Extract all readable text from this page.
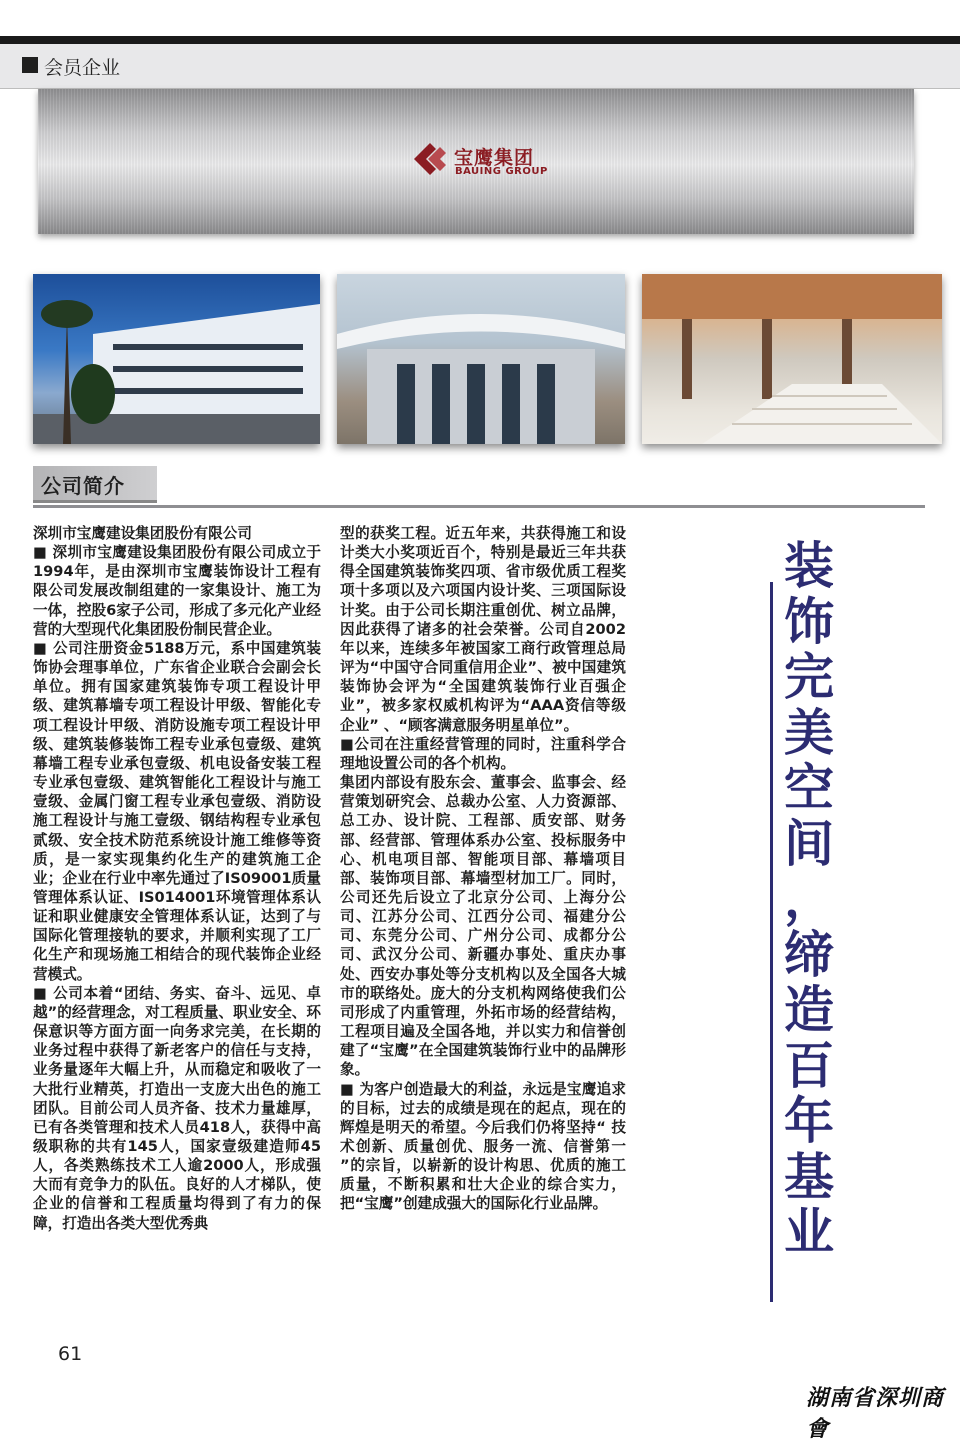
会员企业
宝鹰集团
BAUING GROUP
公司简介

深圳市宝鹰建设集团股份有限公司

■ 深圳市宝鹰建设集团股份有限公司成立于1994年，是由深圳市宝鹰装饰设计工程有限公司发展改制组建的一家集设计、施工为一体，控股6家子公司，形成了多元化产业经营的大型现代化集团股份制民营企业。

■ 公司注册资金5188万元，系中国建筑装饰协会理事单位，广东省企业联合会副会长单位。拥有国家建筑装饰专项工程设计甲级、建筑幕墙专项工程设计甲级、智能化专项工程设计甲级、消防设施专项工程设计甲级、建筑装修装饰工程专业承包壹级、建筑幕墙工程专业承包壹级、机电设备安装工程专业承包壹级、建筑智能化工程设计与施工壹级、金属门窗工程专业承包壹级、消防设施工程设计与施工壹级、钢结构程专业承包贰级、安全技术防范系统设计施工维修等资质，是一家实现集约化生产的建筑施工企业；企业在行业中率先通过了IS09001质量管理体系认证、IS014001环境管理体系认证和职业健康安全管理体系认证，达到了与国际化管理接轨的要求，并顺利实现了工厂化生产和现场施工相结合的现代装饰企业经营模式。

■ 公司本着“团结、务实、奋斗、远见、卓越”的经营理念，对工程质量、职业安全、环保意识等方面方面一向务求完美，在长期的业务过程中获得了新老客户的信任与支持，业务量逐年大幅上升，从而稳定和吸收了一大批行业精英，打造出一支庞大出色的施工团队。目前公司人员齐备、技术力量雄厚，已有各类管理和技术人员418人，获得中高级职称的共有145人，国家壹级建造师45人，各类熟练技术工人逾2000人，形成强大而有竞争力的队伍。良好的人才梯队，使企业的信誉和工程质量均得到了有力的保障，打造出各类大型优秀典

型的获奖工程。近五年来，共获得施工和设计类大小奖项近百个，特别是最近三年共获得全国建筑装饰奖四项、省市级优质工程奖项十多项以及六项国内设计奖、三项国际设计奖。由于公司长期注重创优、树立品牌，因此获得了诸多的社会荣誉。公司自2002年以来，连续多年被国家工商行政管理总局评为“中国守合同重信用企业”、被中国建筑装饰协会评为“全国建筑装饰行业百强企业”，被多家权威机构评为“AAA资信等级企业” 、“顾客满意服务明星单位”。

■公司在注重经营管理的同时，注重科学合理地设置公司的各个机构。

集团内部设有股东会、董事会、监事会、经营策划研究会、总裁办公室、人力资源部、总工办、设计院、工程部、质安部、财务部、经营部、管理体系办公室、投标服务中心、机电项目部、智能项目部、幕墙项目部、装饰项目部、幕墙型材加工厂。同时，公司还先后设立了北京分公司、上海分公司、江苏分公司、江西分公司、福建分公司、东莞分公司、广州分公司、成都分公司、武汉分公司、新疆办事处、重庆办事处、西安办事处等分支机构以及全国各大城市的联络处。庞大的分支机构网络使我们公司形成了内重管理，外拓市场的经营结构，工程项目遍及全国各地，并以实力和信誉创建了“宝鹰”在全国建筑装饰行业中的品牌形象。

■ 为客户创造最大的利益，永远是宝鹰追求的目标，过去的成绩是现在的起点，现在的辉煌是明天的希望。今后我们仍将坚持“ 技术创新、质量创优、服务一流、信誉第一 ”的宗旨，以崭新的设计构思、优质的施工质量，不断积累和壮大企业的综合实力，把“宝鹰”创建成强大的国际化行业品牌。

装
饰
完
美
空
间
，
缔
造
百
年
基
业
61
湖南省深圳商會
